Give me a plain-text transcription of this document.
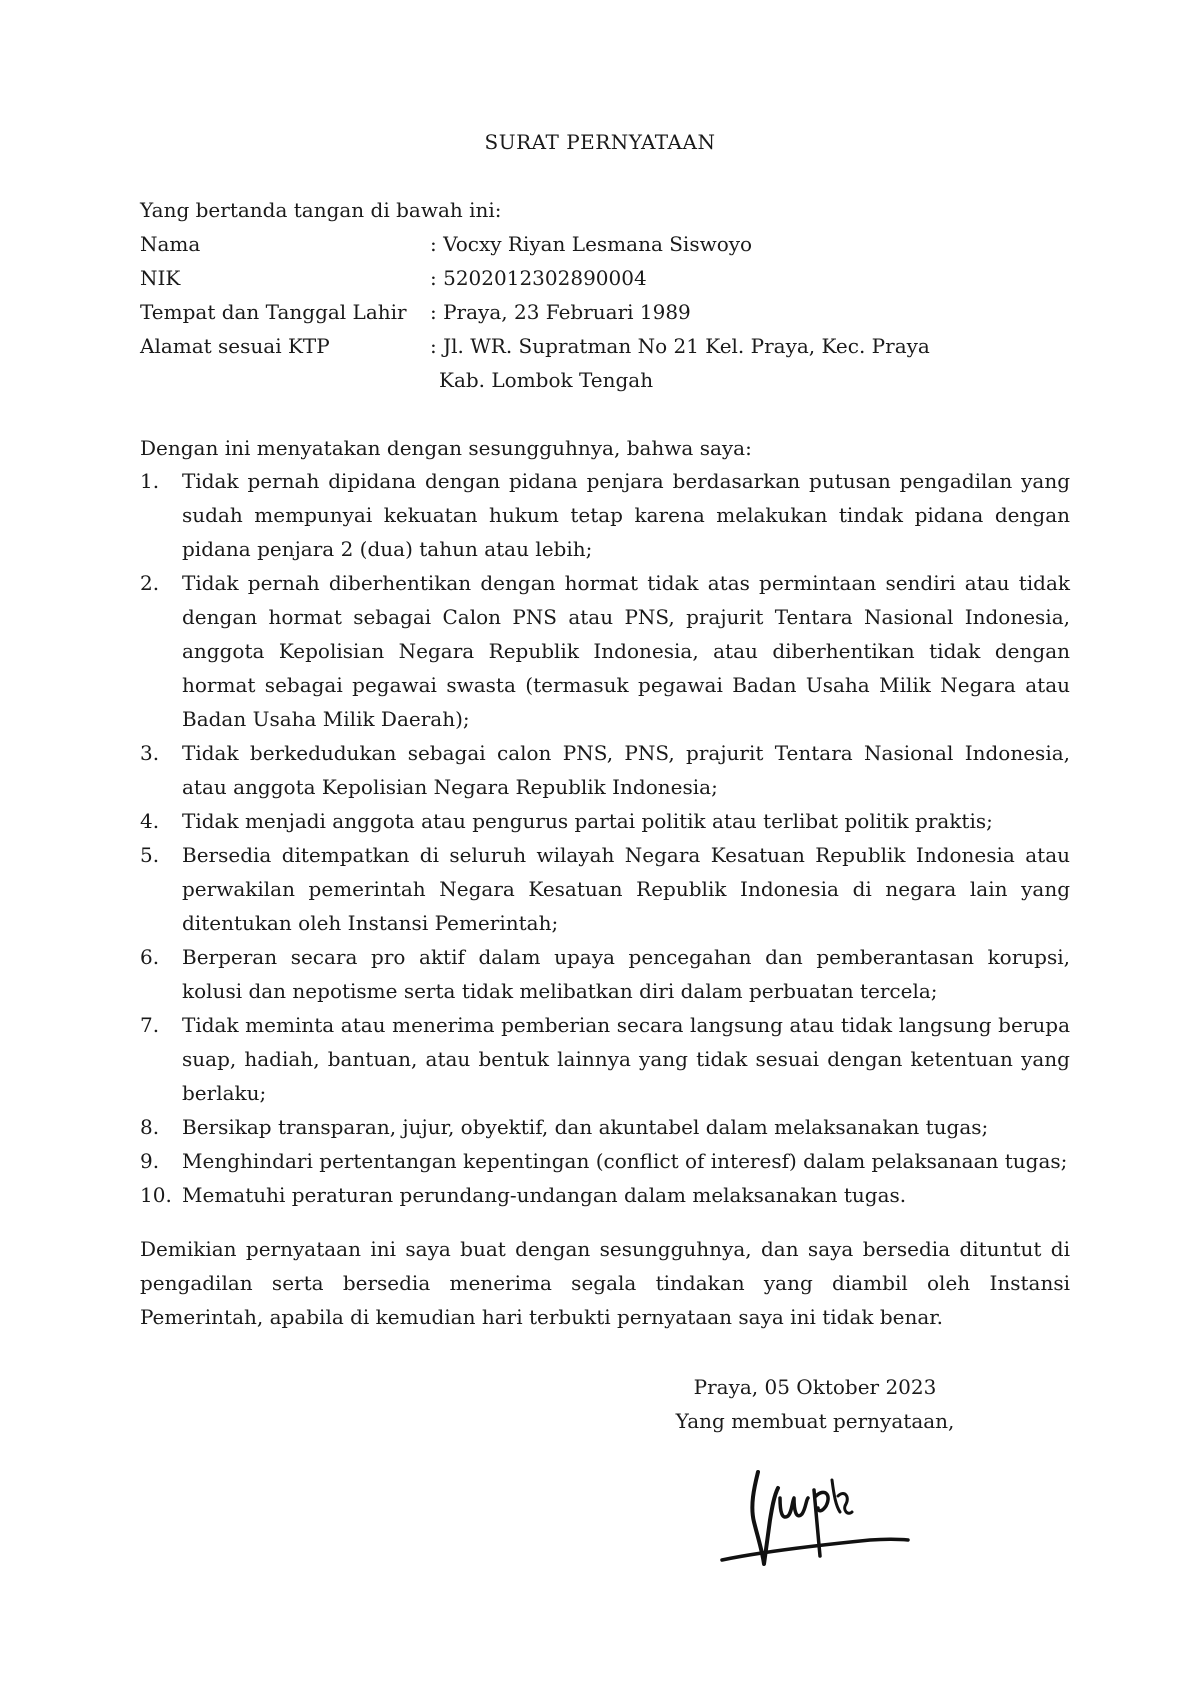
SURAT PERNYATAAN
Yang bertanda tangan di bawah ini:
Nama	: Vocxy Riyan Lesmana Siswoyo
NIK	: 5202012302890004
Tempat dan Tanggal Lahir	: Praya, 23 Februari 1989
Alamat sesuai KTP	: Jl. WR. Supratman No 21 Kel. Praya, Kec. Praya
	Kab. Lombok Tengah
Dengan ini menyatakan dengan sesungguhnya, bahwa saya:
1. Tidak pernah dipidana dengan pidana penjara berdasarkan putusan pengadilan yang sudah mempunyai kekuatan hukum tetap karena melakukan tindak pidana dengan pidana penjara 2 (dua) tahun atau lebih;
2. Tidak pernah diberhentikan dengan hormat tidak atas permintaan sendiri atau tidak dengan hormat sebagai Calon PNS atau PNS, prajurit Tentara Nasional Indonesia, anggota Kepolisian Negara Republik Indonesia, atau diberhentikan tidak dengan hormat sebagai pegawai swasta (termasuk pegawai Badan Usaha Milik Negara atau Badan Usaha Milik Daerah);
3. Tidak berkedudukan sebagai calon PNS, PNS, prajurit Tentara Nasional Indonesia, atau anggota Kepolisian Negara Republik Indonesia;
4. Tidak menjadi anggota atau pengurus partai politik atau terlibat politik praktis;
5. Bersedia ditempatkan di seluruh wilayah Negara Kesatuan Republik Indonesia atau perwakilan pemerintah Negara Kesatuan Republik Indonesia di negara lain yang ditentukan oleh Instansi Pemerintah;
6. Berperan secara pro aktif dalam upaya pencegahan dan pemberantasan korupsi, kolusi dan nepotisme serta tidak melibatkan diri dalam perbuatan tercela;
7. Tidak meminta atau menerima pemberian secara langsung atau tidak langsung berupa suap, hadiah, bantuan, atau bentuk lainnya yang tidak sesuai dengan ketentuan yang berlaku;
8. Bersikap transparan, jujur, obyektif, dan akuntabel dalam melaksanakan tugas;
9. Menghindari pertentangan kepentingan (conflict of interesf) dalam pelaksanaan tugas;
10. Mematuhi peraturan perundang-undangan dalam melaksanakan tugas.
Demikian pernyataan ini saya buat dengan sesungguhnya, dan saya bersedia dituntut di pengadilan serta bersedia menerima segala tindakan yang diambil oleh Instansi Pemerintah, apabila di kemudian hari terbukti pernyataan saya ini tidak benar.
Praya, 05 Oktober 2023
Yang membuat pernyataan,
